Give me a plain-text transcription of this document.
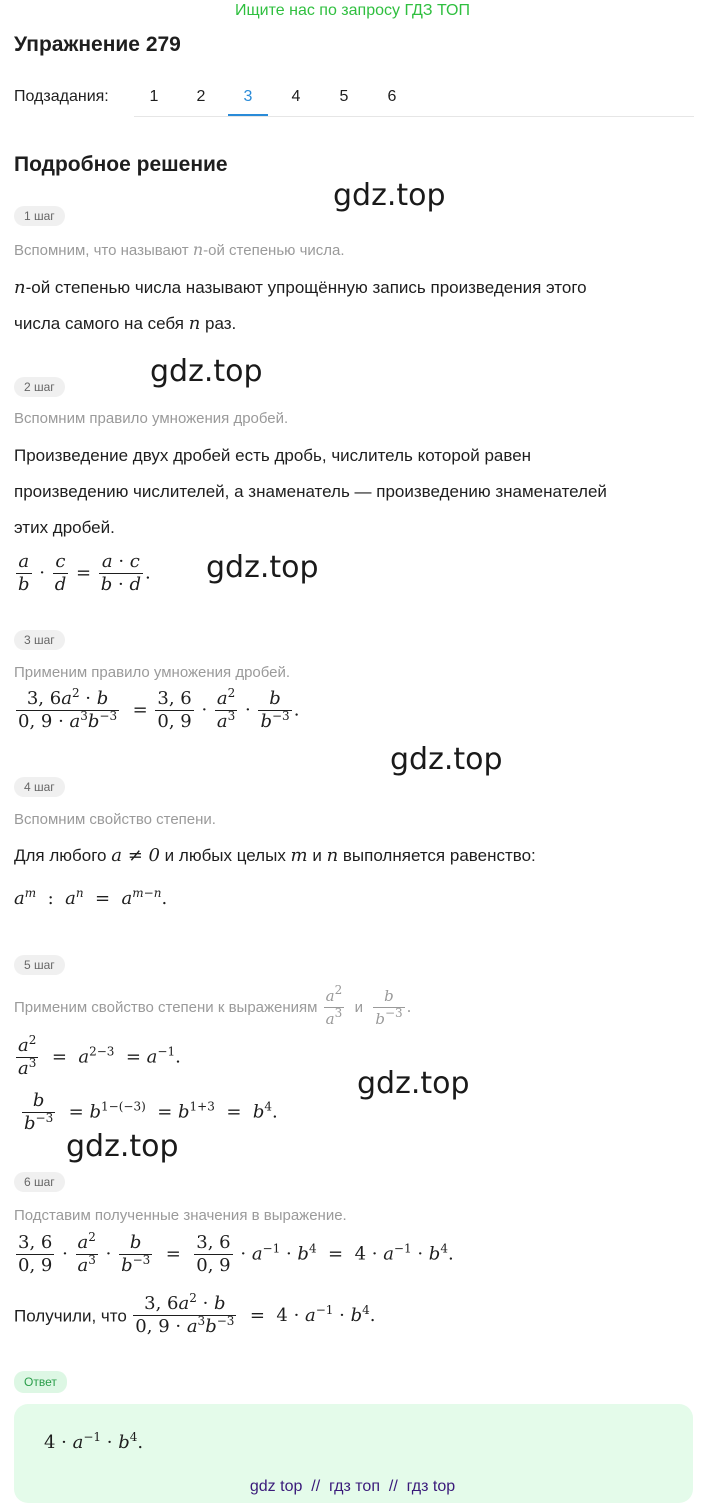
Ищите нас по запросу ГДЗ ТОП
Упражнение 279
Подзадания:	1	2	3	4	5	6
Подробное решение
gdz.top
gdz.top
gdz.top
gdz.top
gdz.top
gdz.top
1 шаг
Вспомним, что называют n-ой степенью числа.
n-ой степенью числа называют упрощённую запись произведения этого
числа самого на себя n раз.
2 шаг
Вспомним правило умножения дробей.
Произведение двух дробей есть дробь, числитель которой равен
произведению числителей, а знаменатель — произведению знаменателей
этих дробей.
$\frac{a}{b} \cdot \frac{c}{d} = \frac{a \cdot c}{b \cdot d}$ .
3 шаг
Применим правило умножения дробей.
$\frac{3, 6a^2 \cdot b}{0, 9 \cdot a^3b^{-3}} = \frac{3, 6}{0, 9} \cdot \frac{a^2}{a^3} \cdot \frac{b}{b^{-3}}$ .
4 шаг
Вспомним свойство степени.
Для любого a ≠ 0 и любых целых m и n выполняется равенство:
$a^m$  :  $a^n = a^{m-n}$.
5 шаг
Применим свойство степени к выражениям $\frac{a^2}{a^3}$ и $\frac{b}{b^{-3}}$ .
$\frac{a^2}{a^3} = a^{2-3} = a^{-1}$.
$\frac{b}{b^{-3}} = b^{1-(-3)} = b^{1+3} = b^4$.
6 шаг
Подставим полученные значения в выражение.
$\frac{3, 6}{0, 9} \cdot \frac{a^2}{a^3} \cdot \frac{b}{b^{-3}} = \frac{3, 6}{0, 9} \cdot a^{-1} \cdot b^4 = 4 \cdot a^{-1} \cdot b^4$.
Получили, что $\frac{3, 6a^2 \cdot b}{0, 9 \cdot a^3b^{-3}} = 4 \cdot a^{-1} \cdot b^4$.
Ответ
$4 \cdot a^{-1} \cdot b^4$.
gdz top  //  гдз топ  //  гдз top
